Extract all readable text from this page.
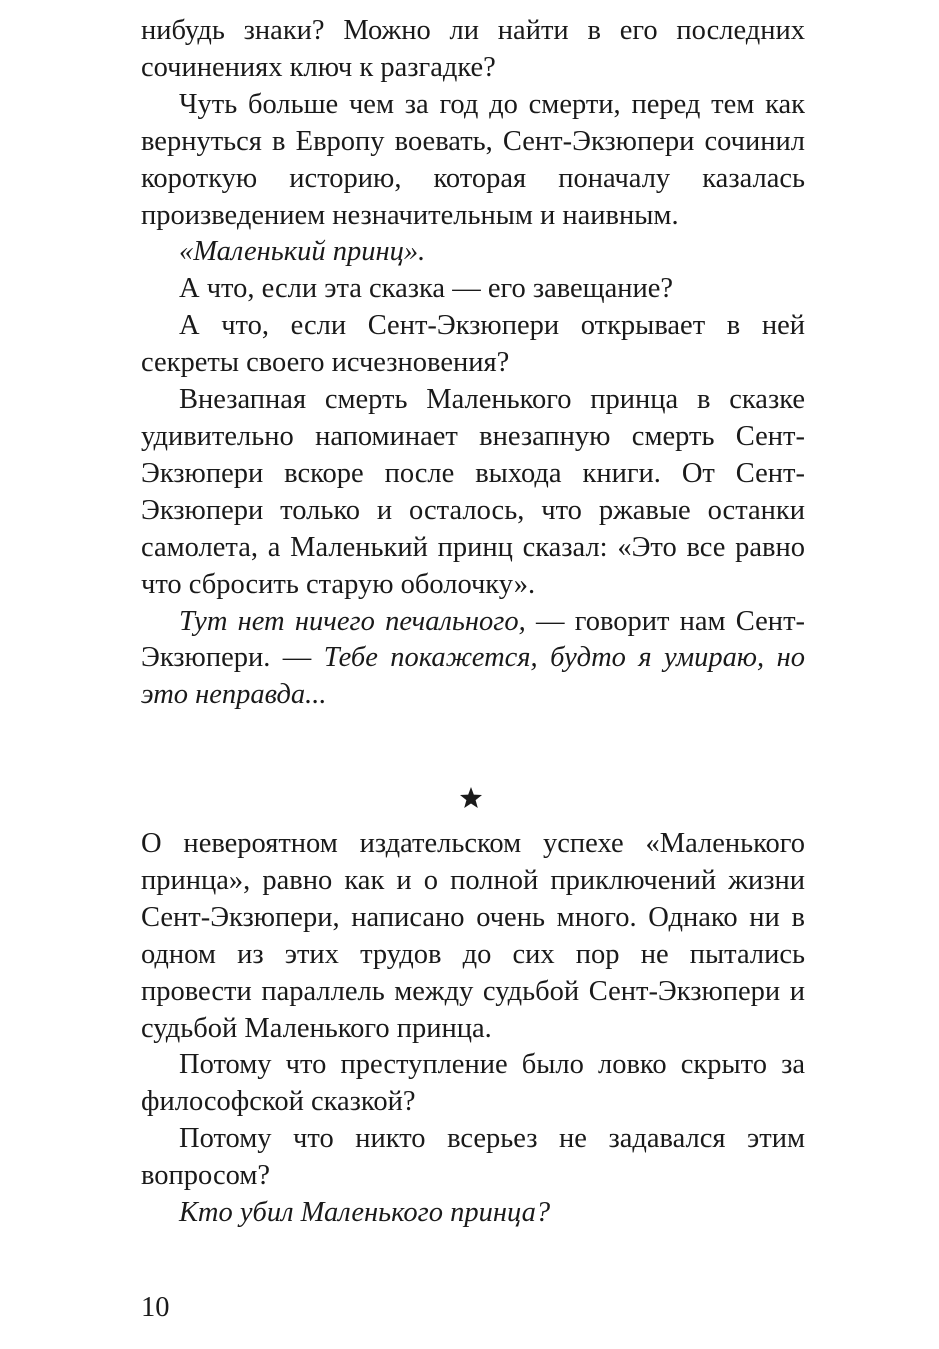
нибудь знаки? Можно ли найти в его последних сочинениях ключ к разгадке?

Чуть больше чем за год до смерти, перед тем как вернуться в Европу воевать, Сент-Экзюпери сочинил короткую историю, которая поначалу казалась произведением незначительным и наивным.

«Маленький принц».

А что, если эта сказка — его завещание?

А что, если Сент-Экзюпери открывает в ней секреты своего исчезновения?

Внезапная смерть Маленького принца в сказке удивительно напоминает внезапную смерть Сент-Экзюпери вскоре после выхода книги. От Сент-Экзюпери только и осталось, что ржавые останки самолета, а Маленький принц сказал: «Это все равно что сбросить старую оболочку».

Тут нет ничего печального, — говорит нам Сент-Экзюпери. — Тебе покажется, будто я умираю, но это неправда...

О невероятном издательском успехе «Маленького принца», равно как и о полной приключений жизни Сент-Экзюпери, написано очень много. Однако ни в одном из этих трудов до сих пор не пытались провести параллель между судьбой Сент-Экзюпери и судьбой Маленького принца.

Потому что преступление было ловко скрыто за философской сказкой?

Потому что никто всерьез не задавался этим вопросом?

Кто убил Маленького принца?

10
